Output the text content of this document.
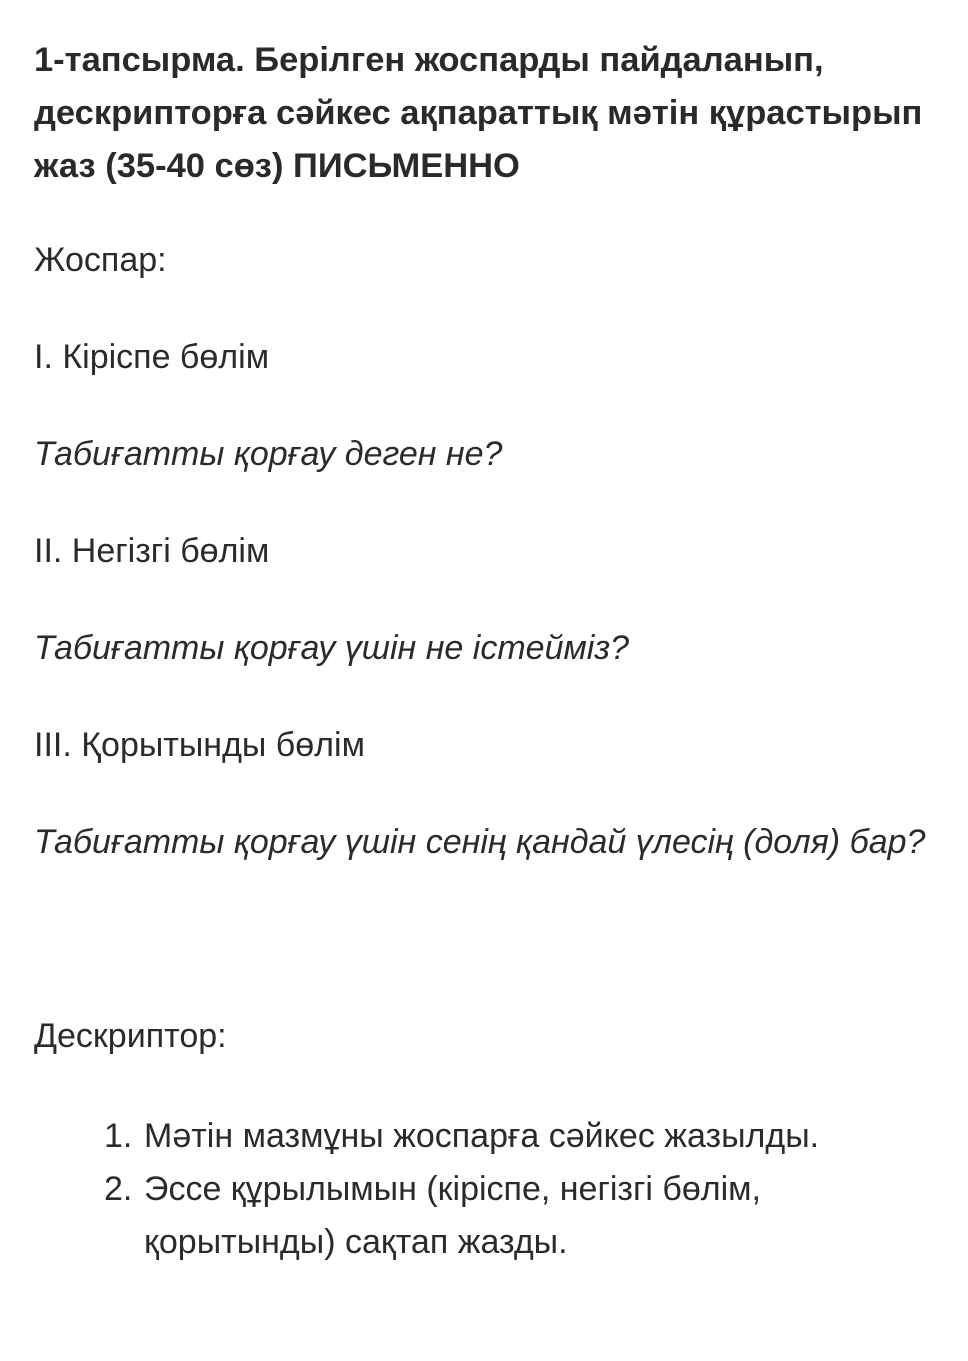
1-тапсырма. Берілген жоспарды пайдаланып, дескрипторға сәйкес ақпараттық мәтін құрастырып жаз (35-40 сөз) ПИСЬМЕННО

Жоспар:

I. Кіріспе бөлім

Табиғатты қорғау деген не?

II. Негізгі бөлім

Табиғатты қорғау үшін не істейміз?

III. Қорытынды бөлім

Табиғатты қорғау үшін сенің қандай үлесің (доля) бар?

Дескриптор:

1. Мәтін мазмұны жоспарға сәйкес жазылды.
2. Эссе құрылымын (кіріспе, негізгі бөлім, қорытынды) сақтап жазды.
